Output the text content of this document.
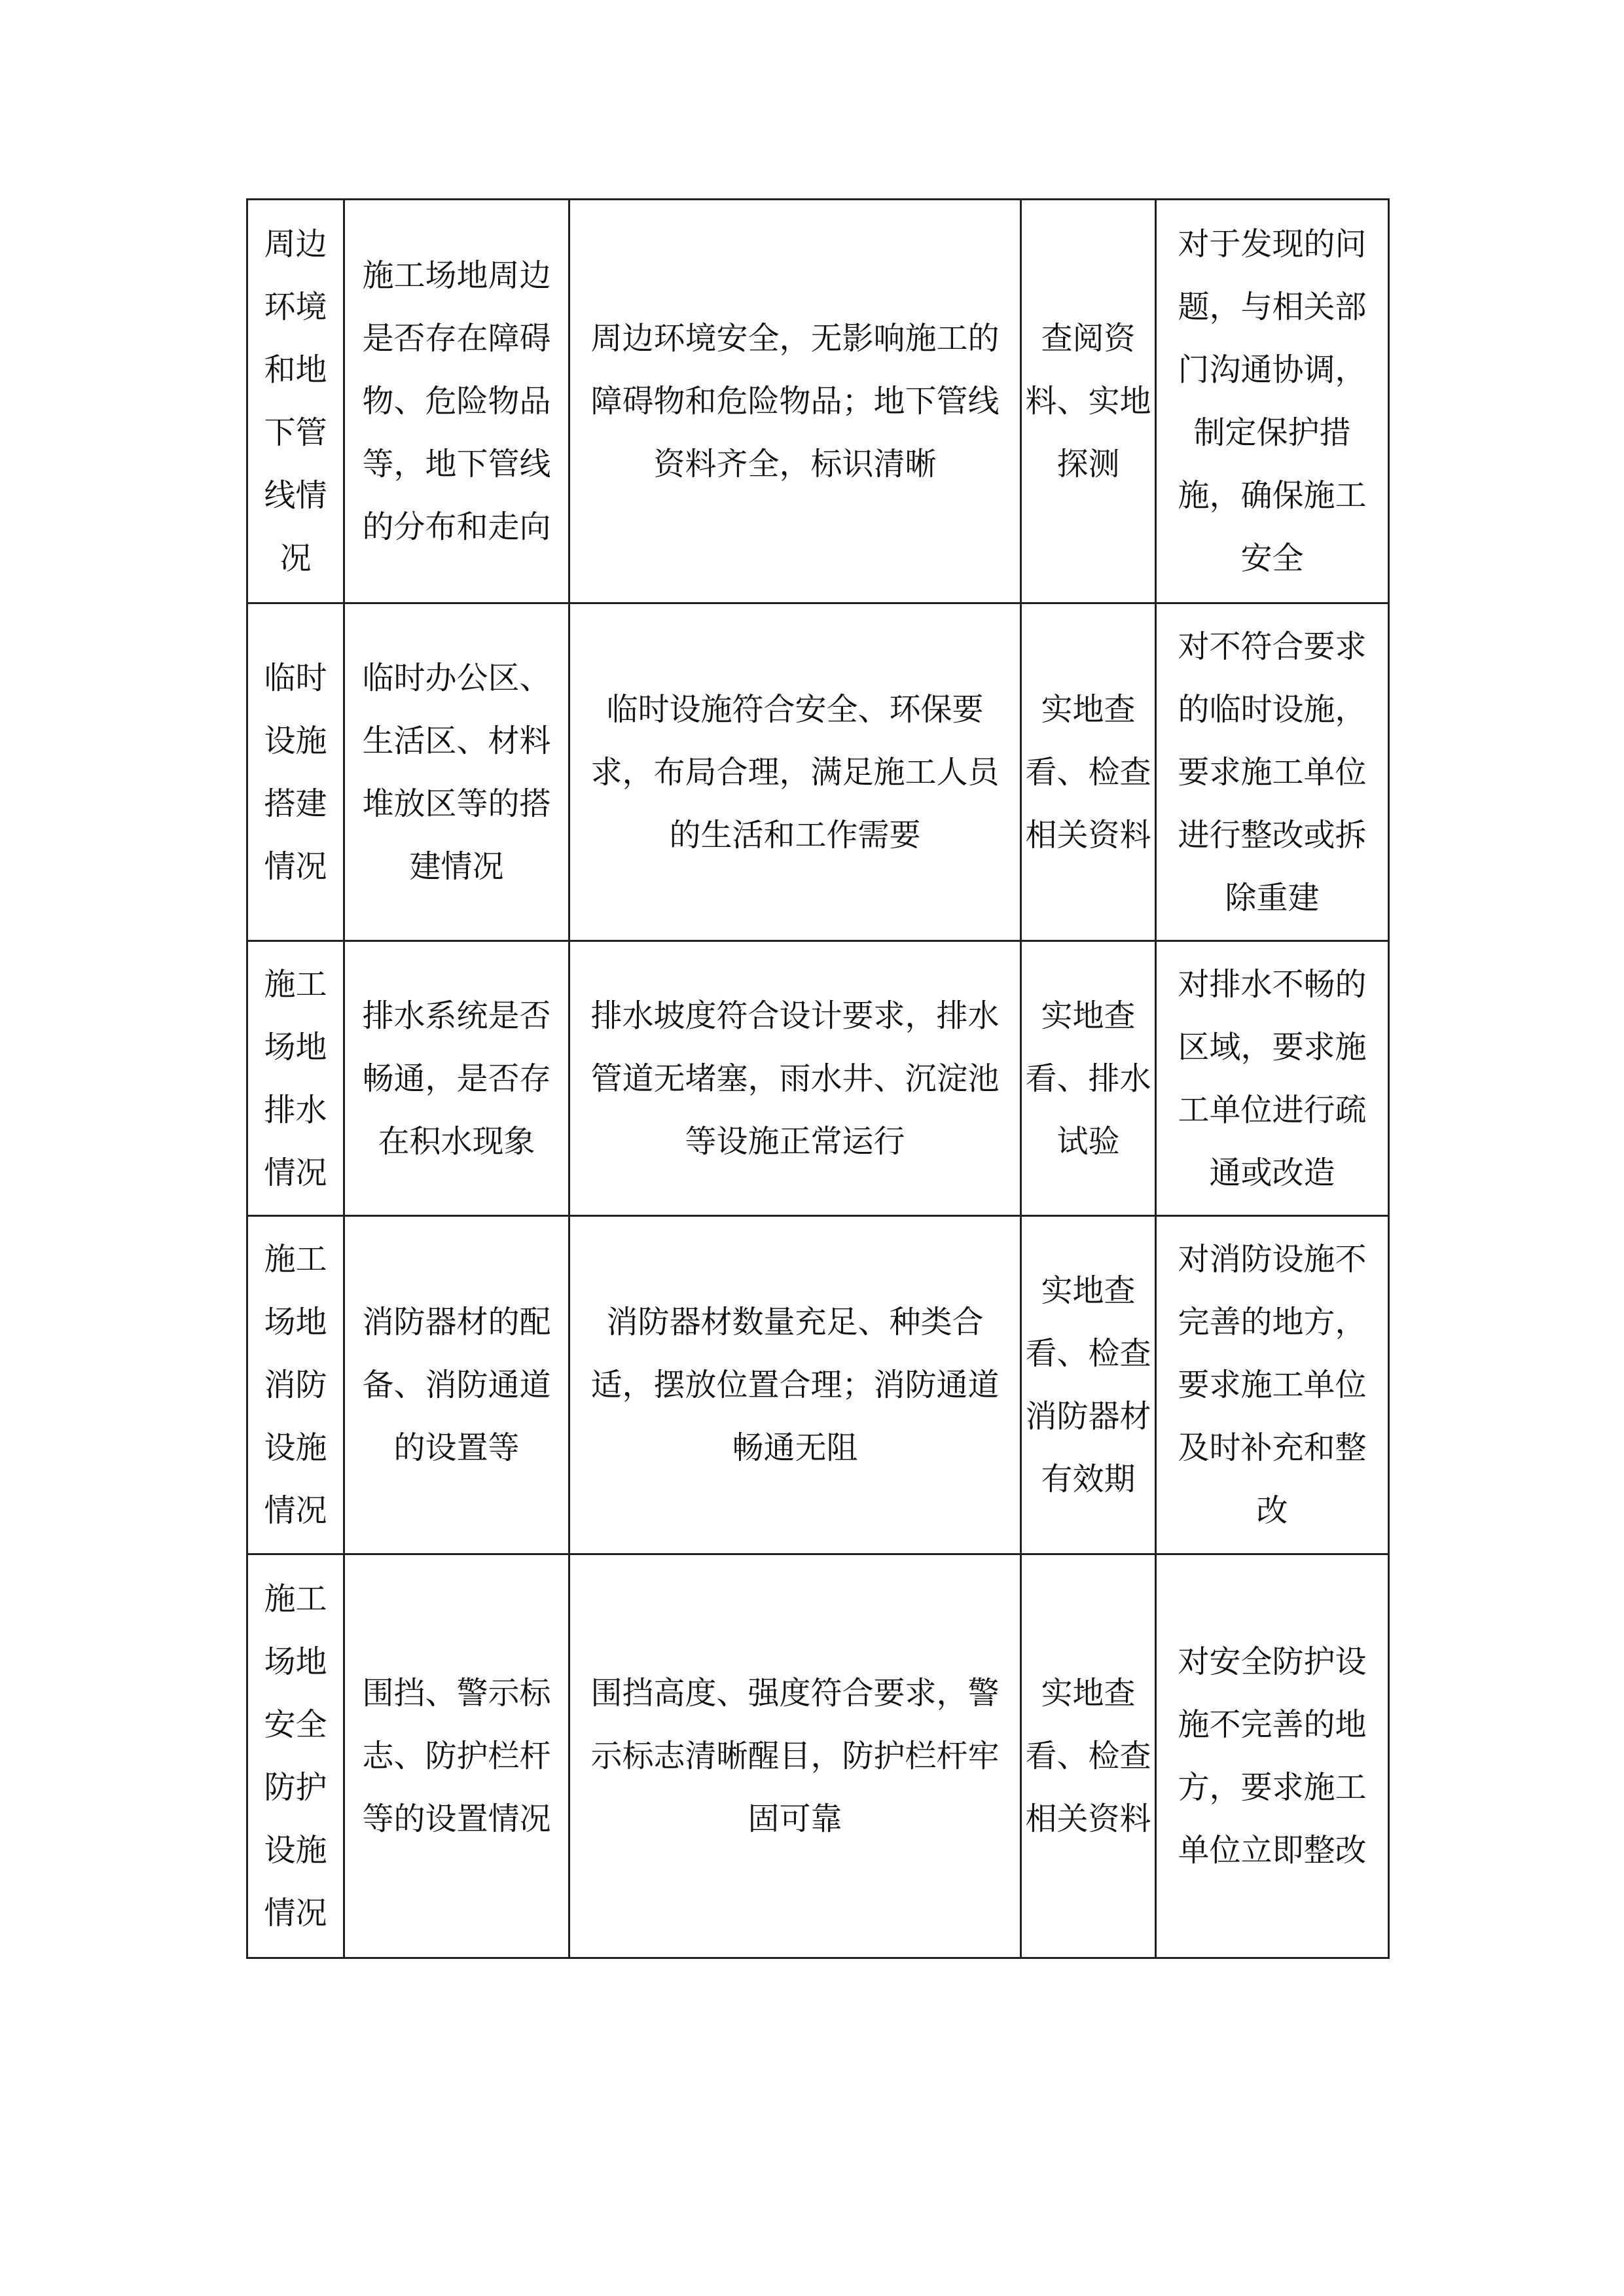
周边环境和地下管线情况	施工场地周边是否存在障碍物、危险物品等，地下管线的分布和走向	周边环境安全，无影响施工的障碍物和危险物品；地下管线资料齐全，标识清晰	查阅资料、实地探测	对于发现的问题，与相关部门沟通协调，制定保护措施，确保施工安全
临时设施搭建情况	临时办公区、生活区、材料堆放区等的搭建情况	临时设施符合安全、环保要求，布局合理，满足施工人员的生活和工作需要	实地查看、检查相关资料	对不符合要求的临时设施，要求施工单位进行整改或拆除重建
施工场地排水情况	排水系统是否畅通，是否存在积水现象	排水坡度符合设计要求，排水管道无堵塞，雨水井、沉淀池等设施正常运行	实地查看、排水试验	对排水不畅的区域，要求施工单位进行疏通或改造
施工场地消防设施情况	消防器材的配备、消防通道的设置等	消防器材数量充足、种类合适，摆放位置合理；消防通道畅通无阻	实地查看、检查消防器材有效期	对消防设施不完善的地方，要求施工单位及时补充和整改
施工场地安全防护设施情况	围挡、警示标志、防护栏杆等的设置情况	围挡高度、强度符合要求，警示标志清晰醒目，防护栏杆牢固可靠	实地查看、检查相关资料	对安全防护设施不完善的地方，要求施工单位立即整改
